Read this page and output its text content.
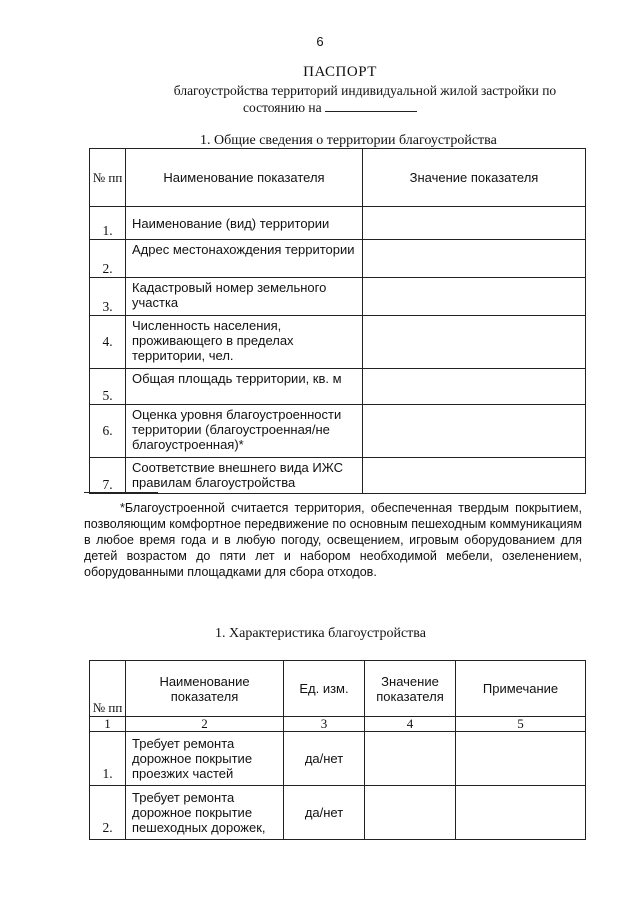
6
ПАСПОРТ
благоустройства территорий индивидуальной жилой застройки по
состоянию на
1. Общие сведения о территории благоустройства
№ пп	Наименование показателя	Значение показателя
1.	Наименование (вид) территории	
2.	Адрес местонахождения территории	
3.	Кадастровый номер земельного участка	
4.	Численность населения, проживающего в пределах территории, чел.	
5.	Общая площадь территории, кв. м	
6.	Оценка уровня благоустроенности территории (благоустроенная/не благоустроенная)*	
7.	Соответствие внешнего вида ИЖС правилам благоустройства	
*Благоустроенной считается территория, обеспеченная твердым покрытием, позволяющим комфортное передвижение по основным пешеходным коммуникациям в любое время года и в любую погоду, освещением, игровым оборудованием для детей возрастом до пяти лет и набором необходимой мебели, озеленением, оборудованными площадками для сбора отходов.
1. Характеристика благоустройства
№ пп	Наименование показателя	Ед. изм.	Значение показателя	Примечание
1	2	3	4	5
1.	Требует ремонта дорожное покрытие проезжих частей	да/нет		
2.	Требует ремонта дорожное покрытие пешеходных дорожек,	да/нет		
